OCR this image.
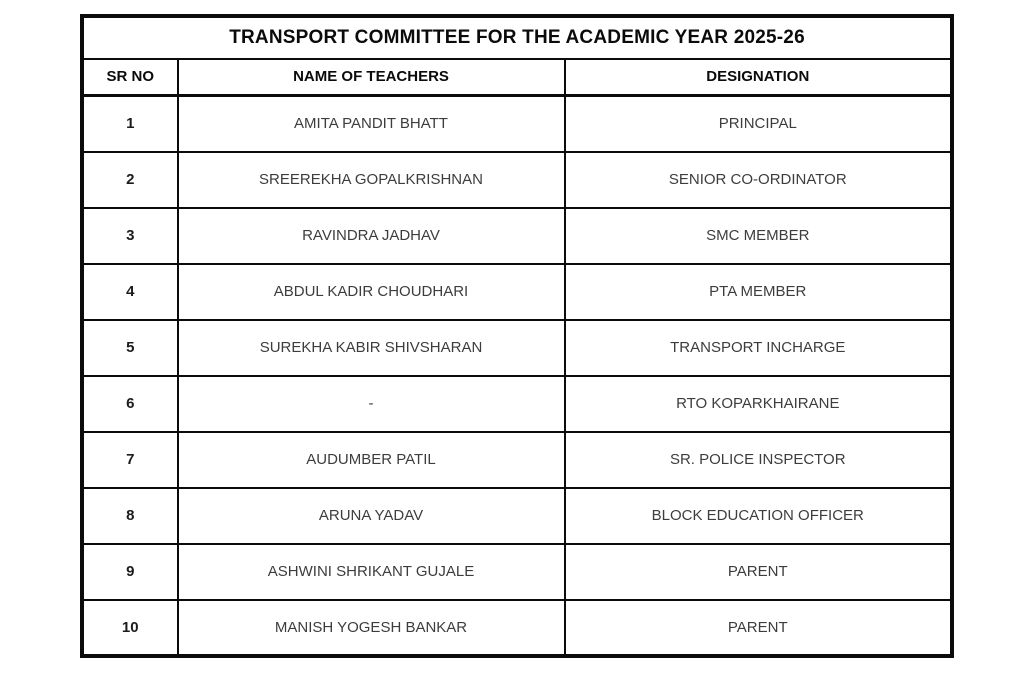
TRANSPORT COMMITTEE FOR THE ACADEMIC YEAR 2025-26		
SR NO	NAME OF TEACHERS	DESIGNATION
1	AMITA PANDIT BHATT	PRINCIPAL
2	SREEREKHA GOPALKRISHNAN	SENIOR CO-ORDINATOR
3	RAVINDRA JADHAV	SMC MEMBER
4	ABDUL KADIR CHOUDHARI	PTA MEMBER
5	SUREKHA KABIR SHIVSHARAN	TRANSPORT INCHARGE
6	-	RTO KOPARKHAIRANE
7	AUDUMBER PATIL	SR. POLICE INSPECTOR
8	ARUNA YADAV	BLOCK EDUCATION OFFICER
9	ASHWINI SHRIKANT GUJALE	PARENT
10	MANISH YOGESH BANKAR	PARENT
